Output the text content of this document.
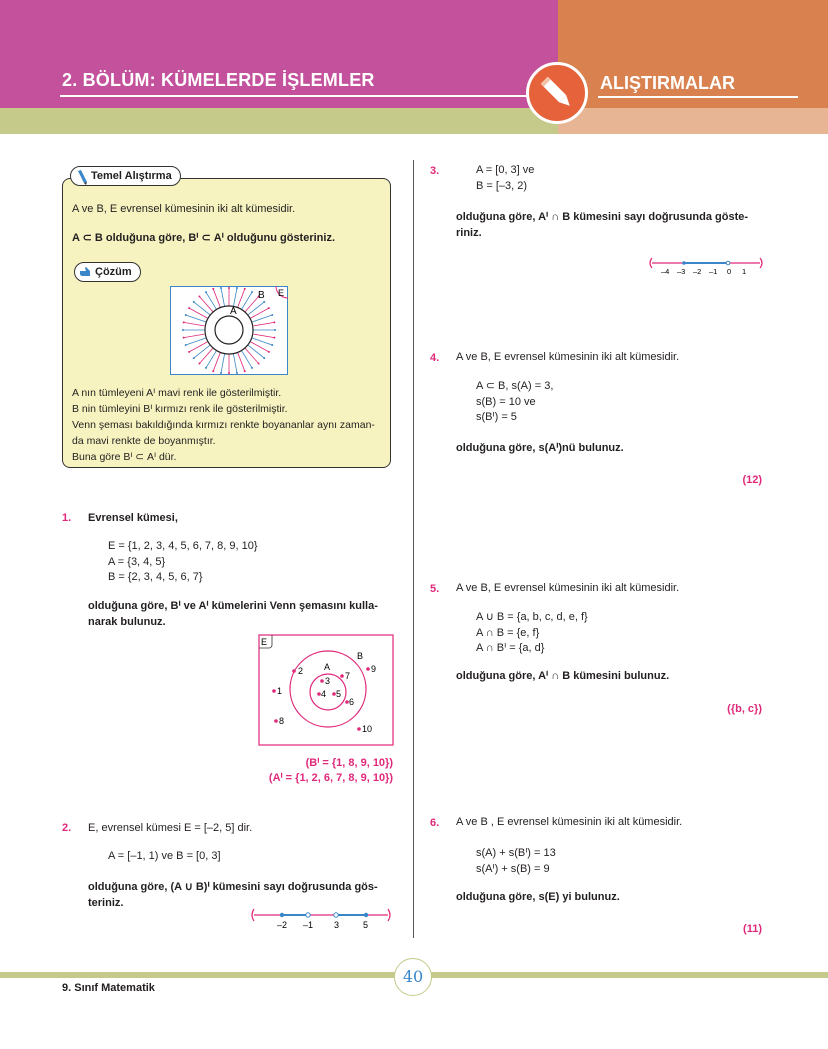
2. BÖLÜM: KÜMELERDE İŞLEMLER	ALIŞTIRMALAR
Temel Alıştırma
A ve B, E evrensel kümesinin iki alt kümesidir.
A ⊂ B olduğuna göre, Bᑊ ⊂ Aᑊ olduğunu gösteriniz.
Çözüm
A
B E
A nın tümleyeni Aᑊ mavi renk ile gösterilmiştir.
B nin tümleyini Bᑊ kırmızı renk ile gösterilmiştir.
Venn şeması bakıldığında kırmızı renkte boyananlar aynı zaman-
da mavi renkte de boyanmıştır.
Buna göre Bᑊ ⊂ Aᑊ dür.
1. Evrensel kümesi,
E = {1, 2, 3, 4, 5, 6, 7, 8, 9, 10}
A = {3, 4, 5}
B = {2, 3, 4, 5, 6, 7}
olduğuna göre, Bᑊ ve Aᑊ kümelerini Venn şemasını kulla-
narak bulunuz.
E
B
A
2
3
4 5
7
6
9
1
8
10
(Bᑊ = {1, 8, 9, 10})
(Aᑊ = {1, 2, 6, 7, 8, 9, 10})
2. E, evrensel kümesi E = [–2, 5] dir.
A = [–1, 1) ve B = [0, 3]
olduğuna göre, (A ∪ B)ᑊ kümesini sayı doğrusunda gös-
teriniz.
–2 –1 3	5
3.	A = [0, 3] ve
B = [–3, 2)
olduğuna göre, Aᑊ ∩ B kümesini sayı doğrusunda göste-
riniz.
–4 –3 –2 –1 0 1
4. A ve B, E evrensel kümesinin iki alt kümesidir.
A ⊂ B, s(A) = 3,
s(B) = 10 ve
s(Bᑊ) = 5
olduğuna göre, s(Aᑊ)nü bulunuz.
(12)
5. A ve B, E evrensel kümesinin iki alt kümesidir.
A ∪ B = {a, b, c, d, e, f}
A ∩ B = {e, f}
A ∩ Bᑊ = {a, d}
olduğuna göre, Aᑊ ∩ B kümesini bulunuz.
({b, c})
6. A ve B , E evrensel kümesinin iki alt kümesidir.
s(A) + s(Bᑊ) = 13
s(Aᑊ) + s(B) = 9
olduğuna göre, s(E) yi bulunuz.
(11)
40
9. Sınıf Matematik
